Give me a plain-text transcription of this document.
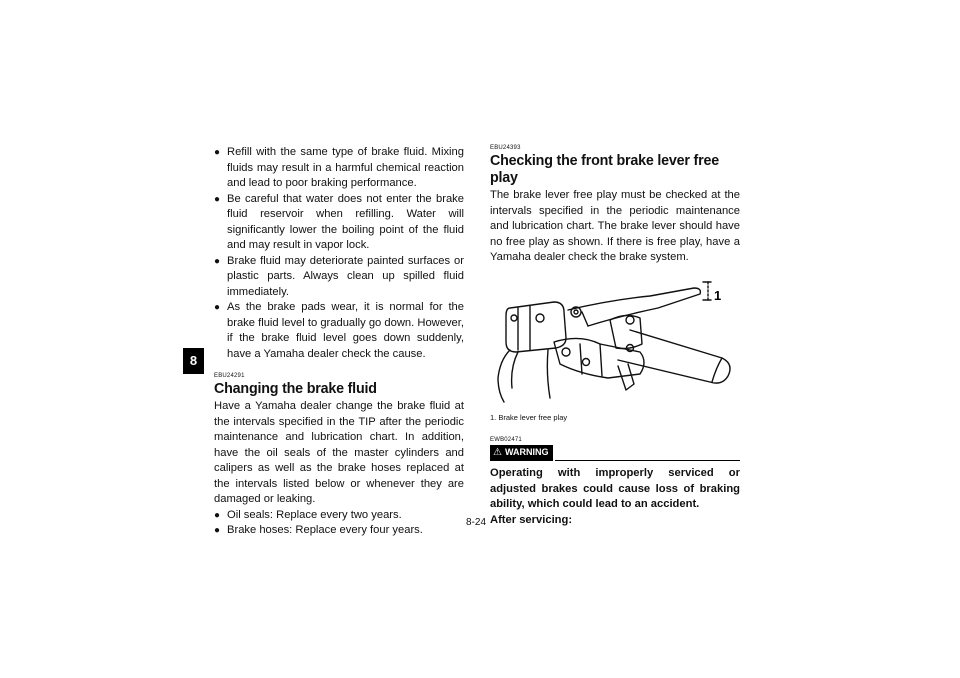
8
● Refill with the same type of brake fluid. Mixing fluids may result in a harmful chemical reaction and lead to poor braking performance.
● Be careful that water does not enter the brake fluid reservoir when refilling. Water will significantly lower the boiling point of the fluid and may result in vapor lock.
● Brake fluid may deteriorate painted surfaces or plastic parts. Always clean up spilled fluid immediately.
● As the brake pads wear, it is normal for the brake fluid level to gradually go down. However, if the brake fluid level goes down suddenly, have a Yamaha dealer check the cause.
EBU24291
Changing the brake fluid

Have a Yamaha dealer change the brake fluid at the intervals specified in the TIP after the periodic maintenance and lubrication chart. In addition, have the oil seals of the master cylinders and calipers as well as the brake hoses replaced at the intervals listed below or whenever they are damaged or leaking.

● Oil seals: Replace every two years.
● Brake hoses: Replace every four years.
EBU24393
Checking the front brake lever free play

The brake lever free play must be checked at the intervals specified in the periodic maintenance and lubrication chart. The brake lever should have no free play as shown. If there is free play, have a Yamaha dealer check the brake system.

1
1. Brake lever free play
EWB02471
⚠ WARNING

Operating with improperly serviced or adjusted brakes could cause loss of braking ability, which could lead to an accident.

After servicing:

8-24
